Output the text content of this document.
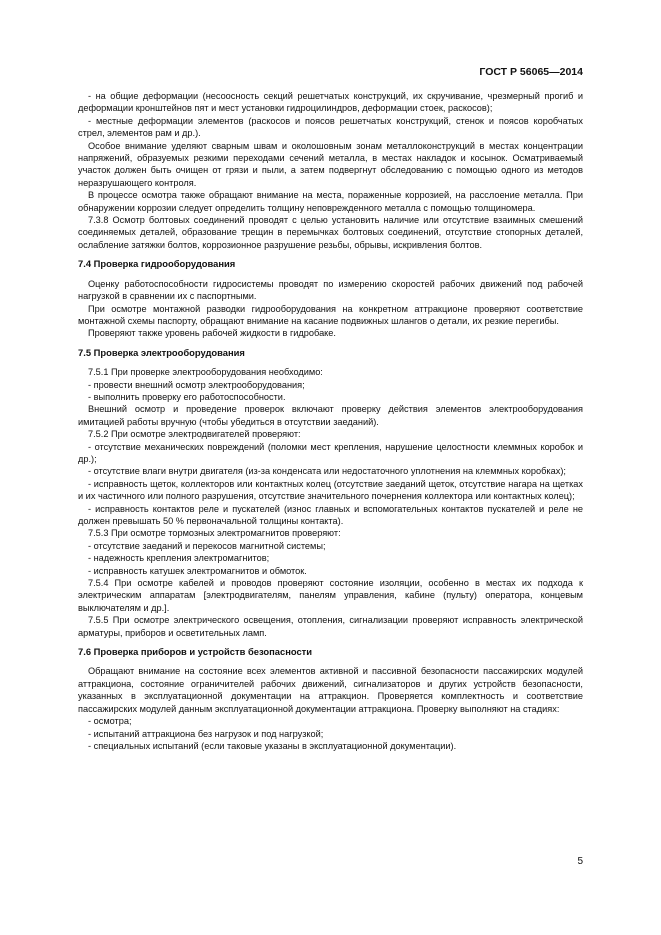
ГОСТ Р 56065—2014

- на общие деформации (несоосность секций решетчатых конструкций, их скручивание, чрезмерный прогиб и деформации кронштейнов пят и мест установки гидроцилиндров, деформации стоек, раскосов);

- местные деформации элементов (раскосов и поясов решетчатых конструкций, стенок и поясов коробчатых стрел, элементов рам и др.).

Особое внимание уделяют сварным швам и околошовным зонам металлоконструкций в местах концентрации напряжений, образуемых резкими переходами сечений металла, в местах накладок и косынок. Осматриваемый участок должен быть очищен от грязи и пыли, а затем подвергнут обследованию с помощью одного из методов неразрушающего контроля.

В процессе осмотра также обращают внимание на места, пораженные коррозией, на расслоение металла. При обнаружении коррозии следует определить толщину неповрежденного металла с помощью толщиномера.

7.3.8 Осмотр болтовых соединений проводят с целью установить наличие или отсутствие взаимных смешений соединяемых деталей, образование трещин в перемычках болтовых соединений, отсутствие стопорных деталей, ослабление затяжки болтов, коррозионное разрушение резьбы, обрывы, искривления болтов.

7.4 Проверка гидрооборудования

Оценку работоспособности гидросистемы проводят по измерению скоростей рабочих движений под рабочей нагрузкой в сравнении их с паспортными.

При осмотре монтажной разводки гидрооборудования на конкретном аттракционе проверяют соответствие монтажной схемы паспорту, обращают внимание на касание подвижных шлангов о детали, их резкие перегибы.

Проверяют также уровень рабочей жидкости в гидробаке.

7.5 Проверка электрооборудования

7.5.1 При проверке электрооборудования необходимо:

- провести внешний осмотр электрооборудования;

- выполнить проверку его работоспособности.

Внешний осмотр и проведение проверок включают проверку действия элементов электрооборудования имитацией работы вручную (чтобы убедиться в отсутствии заеданий).

7.5.2 При осмотре электродвигателей проверяют:

- отсутствие механических повреждений (поломки мест крепления, нарушение целостности клеммных коробок и др.);

- отсутствие влаги внутри двигателя (из-за конденсата или недостаточного уплотнения на клеммных коробках);

- исправность щеток, коллекторов или контактных колец (отсутствие заеданий щеток, отсутствие нагара на щетках и их частичного или полного разрушения, отсутствие значительного почернения коллектора или контактных колец);

- исправность контактов реле и пускателей (износ главных и вспомогательных контактов пускателей и реле не должен превышать 50 % первоначальной толщины контакта).

7.5.3 При осмотре тормозных электромагнитов проверяют:

- отсутствие заеданий и перекосов магнитной системы;

- надежность крепления электромагнитов;

- исправность катушек электромагнитов и обмоток.

7.5.4 При осмотре кабелей и проводов проверяют состояние изоляции, особенно в местах их подхода к электрическим аппаратам [электродвигателям, панелям управления, кабине (пульту) оператора, концевым выключателям и др.].

7.5.5 При осмотре электрического освещения, отопления, сигнализации проверяют исправность электрической арматуры, приборов и осветительных ламп.

7.6 Проверка приборов и устройств безопасности

Обращают внимание на состояние всех элементов активной и пассивной безопасности пассажирских модулей аттракциона, состояние ограничителей рабочих движений, сигнализаторов и других устройств безопасности, указанных в эксплуатационной документации на аттракцион. Проверяется комплектность и соответствие пассажирских модулей данным эксплуатационной документации аттракциона. Проверку выполняют на стадиях:

- осмотра;

- испытаний аттракциона без нагрузок и под нагрузкой;

- специальных испытаний (если таковые указаны в эксплуатационной документации).

5
